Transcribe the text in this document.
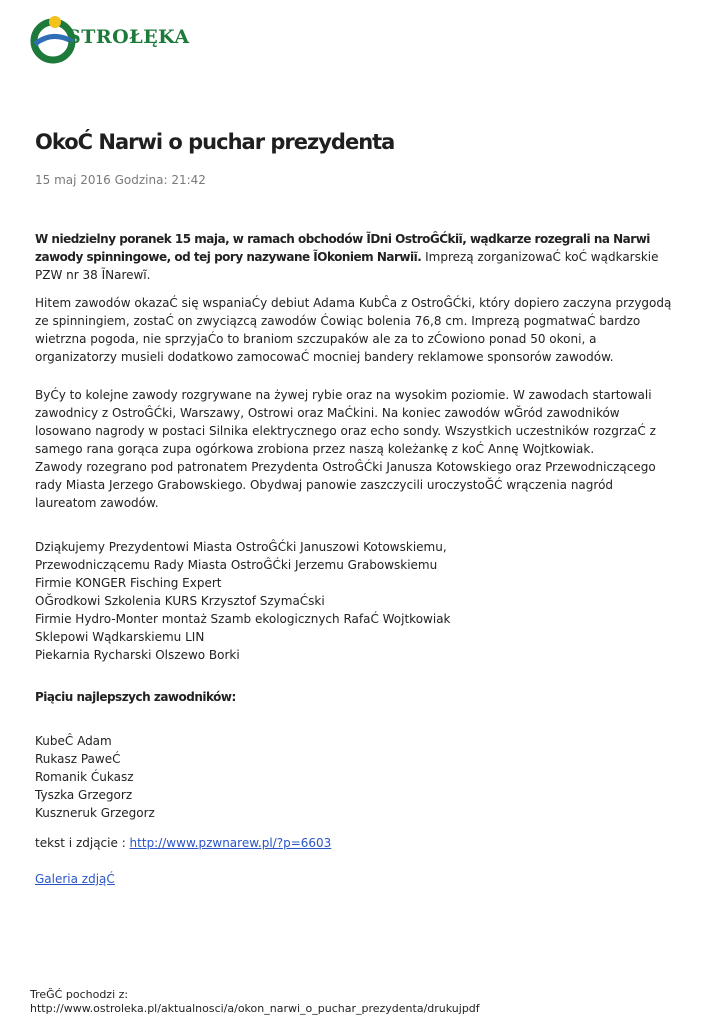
STROŁĘKA
OkoĆ Narwi o puchar prezydenta
15 maj 2016 Godzina: 21:42

W niedzielny poranek 15 maja, w ramach obchodów ĨDni OstroĜĆkiĩ, wądkarze rozegrali na Narwi zawody spinningowe, od tej pory nazywane ĨOkoniem Narwiĩ. Imprezą zorganizowaĆ koĆ wądkarskie PZW nr 38 ĨNarewĩ.

Hitem zawodów okazaĆ się wspaniaĆy debiut Adama KubĈa z OstroĜĆki, który dopiero zaczyna przygodą ze spinningiem, zostaĆ on zwyciązcą zawodów Ćowiąc bolenia 76,8 cm. Imprezą pogmatwaĆ bardzo wietrzna pogoda, nie sprzyjaĆo to braniom szczupaków ale za to zĆowiono ponad 50 okoni, a organizatorzy musieli dodatkowo zamocowaĆ mocniej bandery reklamowe sponsorów zawodów.

ByĆy to kolejne zawody rozgrywane na żywej rybie oraz na wysokim poziomie. W zawodach startowali zawodnicy z OstroĜĆki, Warszawy, Ostrowi oraz MaĆkini. Na koniec zawodów wĞród zawodników losowano nagrody w postaci Silnika elektrycznego oraz echo sondy. Wszystkich uczestników rozgrzaĆ z samego rana gorąca zupa ogórkowa zrobiona przez naszą koleżankę z koĆ Annę Wojtkowiak.

Zawody rozegrano pod patronatem Prezydenta OstroĜĆki Janusza Kotowskiego oraz Przewodniczącego rady Miasta Jerzego Grabowskiego. Obydwaj panowie zaszczycili uroczystoĞĆ wrączenia nagród laureatom zawodów.

Dziąkujemy Prezydentowi Miasta OstroĜĆki Januszowi Kotowskiemu,
Przewodniczącemu Rady Miasta OstroĜĆki Jerzemu Grabowskiemu
Firmie KONGER Fisching Expert
OĞrodkowi Szkolenia KURS Krzysztof SzymaĆski
Firmie Hydro-Monter montaż Szamb ekologicznych RafaĆ Wojtkowiak
Sklepowi Wądkarskiemu LIN
Piekarnia Rycharski Olszewo Borki

Piąciu najlepszych zawodników:

KubeĈ Adam
Rukasz PaweĆ
Romanik Ćukasz
Tyszka Grzegorz
Kuszneruk Grzegorz

tekst i zdjącie : http://www.pzwnarew.pl/?p=6603

Galeria zdjąĆ

TreĞĆ pochodzi z:
http://www.ostroleka.pl/aktualnosci/a/okon_narwi_o_puchar_prezydenta/drukujpdf
